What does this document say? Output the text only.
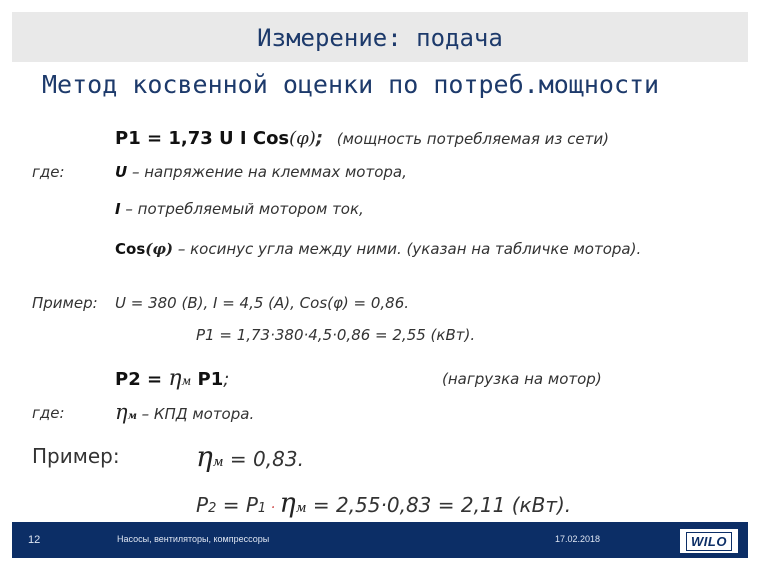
Измерение: подача
Метод косвенной оценки по потреб.мощности
P1 = 1,73 U I Cos(φ); (мощность потребляемая из сети)
где:	U – напряжение на клеммах мотора,
I – потребляемый мотором ток,
Cos(φ) – косинус угла между ними. (указан на табличке мотора).
Пример: U = 380 (В), I = 4,5 (А), Cos(φ) = 0,86.
P1 = 1,73·380·4,5·0,86 = 2,55 (кВт).
P2 = ηм P1;	(нагрузка на мотор)
где: ηм – КПД мотора.
Пример:	ηм = 0,83.
P2 = P1 · ηм = 2,55·0,83 = 2,11 (кВт).
12	Насосы, вентиляторы, компрессоры	17.02.2018	WILO
